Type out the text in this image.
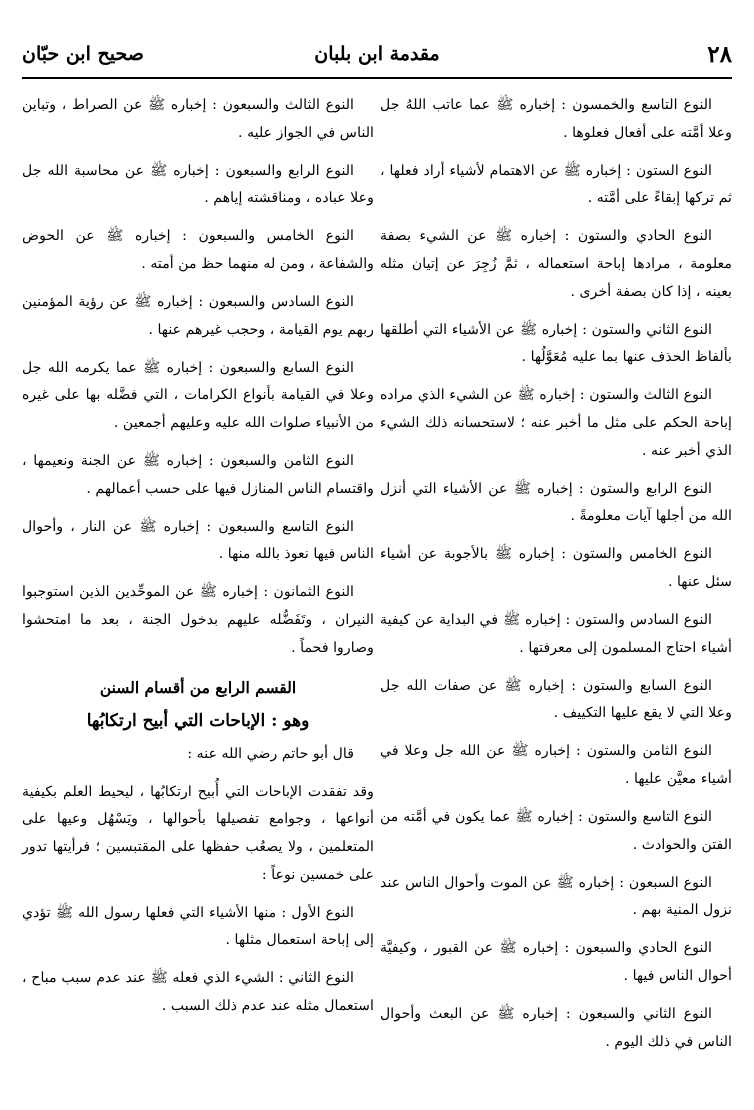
٢٨
مقدمة ابن بلبان
صحيح ابن حبّان

النوع التاسع والخمسون : إخباره ﷺ عما عاتب اللهُ جل وعلا أمَّته على أفعال فعلوها .

النوع الستون : إخباره ﷺ عن الاهتمام لأشياء أراد فعلها ، ثم تركها إبقاءً على أمَّته .

النوع الحادي والستون : إخباره ﷺ عن الشيء بصفة معلومة ، مرادها إباحة استعماله ، ثمَّ زُجِرَ عن إتيان مثله بعينه ، إذا كان بصفة أخرى .

النوع الثاني والستون : إخباره ﷺ عن الأشياء التي أطلقها بألفاظ الحذف عنها بما عليه مُعَوَّلُها .

النوع الثالث والستون : إخباره ﷺ عن الشيء الذي مراده إباحة الحكم على مثل ما أخبر عنه ؛ لاستحسانه ذلك الشيء الذي أخبر عنه .

النوع الرابع والستون : إخباره ﷺ عن الأشياء التي أنزل الله من أجلها آيات معلومةً .

النوع الخامس والستون : إخباره ﷺ بالأجوبة عن أشياء سئل عنها .

النوع السادس والستون : إخباره ﷺ في البداية عن كيفية أشياء احتاج المسلمون إلى معرفتها .

النوع السابع والستون : إخباره ﷺ عن صفات الله جل وعلا التي لا يقع عليها التكييف .

النوع الثامن والستون : إخباره ﷺ عن الله جل وعلا في أشياء معيَّن عليها .

النوع التاسع والستون : إخباره ﷺ عما يكون في أمَّته من الفتن والحوادث .

النوع السبعون : إخباره ﷺ عن الموت وأحوال الناس عند نزول المنية بهم .

النوع الحادي والسبعون : إخباره ﷺ عن القبور ، وكيفيَّة أحوال الناس فيها .

النوع الثاني والسبعون : إخباره ﷺ عن البعث وأحوال الناس في ذلك اليوم .

النوع الثالث والسبعون : إخباره ﷺ عن الصراط ، وتباين الناس في الجواز عليه .

النوع الرابع والسبعون : إخباره ﷺ عن محاسبة الله جل وعلا عباده ، ومناقشته إياهم .

النوع الخامس والسبعون : إخباره ﷺ عن الحوض والشفاعة ، ومن له منهما حظ من أمته .

النوع السادس والسبعون : إخباره ﷺ عن رؤية المؤمنين ربهم يوم القيامة ، وحجب غيرهم عنها .

النوع السابع والسبعون : إخباره ﷺ عما يكرمه الله جل وعلا في القيامة بأنواع الكرامات ، التي فضَّله بها على غيره من الأنبياء صلوات الله عليه وعليهم أجمعين .

النوع الثامن والسبعون : إخباره ﷺ عن الجنة ونعيمها ، واقتسام الناس المنازل فيها على حسب أعمالهم .

النوع التاسع والسبعون : إخباره ﷺ عن النار ، وأحوال الناس فيها نعوذ بالله منها .

النوع الثمانون : إخباره ﷺ عن الموحِّدين الذين استوجبوا النيران ، وتَفَضُّله عليهم بدخول الجنة ، بعد ما امتحشوا وصاروا فحماً .

القسم الرابع من أقسام السنن
وهو : الإباحات التي أبيح ارتكابُها

قال أبو حاتم رضي الله عنه :

وقد تفقدت الإباحات التي أُبيح ارتكابُها ، ليحيط العلم بكيفية أنواعها ، وجوامع تفصيلها بأحوالها ، ويَسْهُل وعيها على المتعلمين ، ولا يصعُب حفظها على المقتبسين ؛ فرأيتها تدور على خمسين نوعاً :

النوع الأول : منها الأشياء التي فعلها رسول الله ﷺ تؤدي إلى إباحة استعمال مثلها .

النوع الثاني : الشيء الذي فعله ﷺ عند عدم سبب مباح ، استعمال مثله عند عدم ذلك السبب .
